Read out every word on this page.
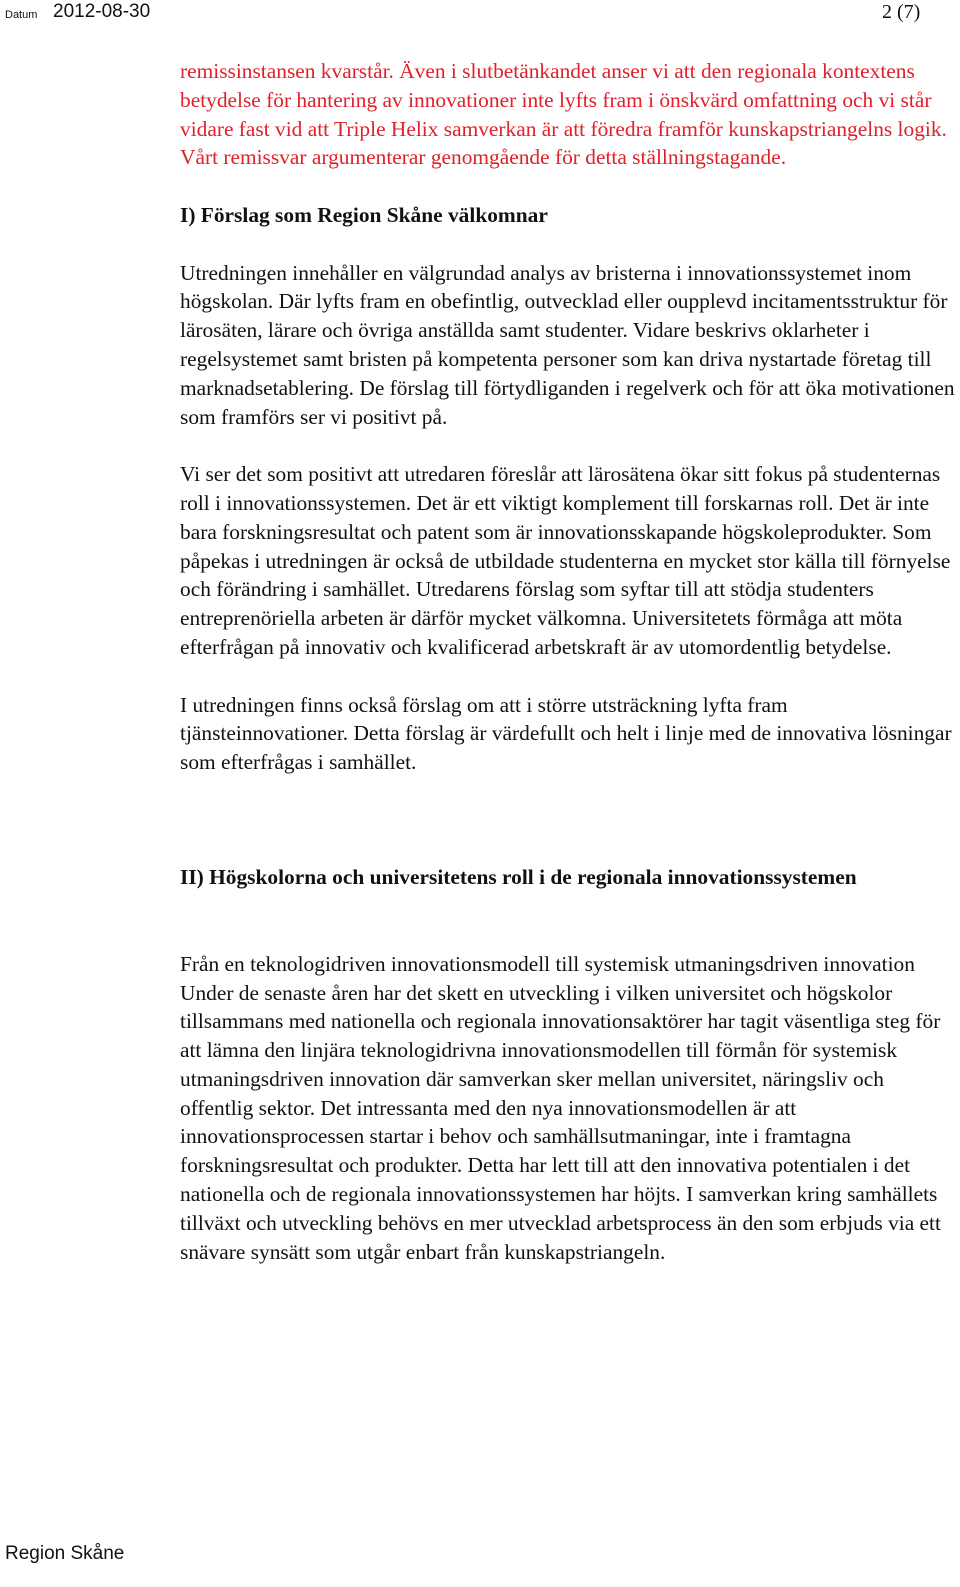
Datum 2012-08-30	2 (7)

remissinstansen kvarstår. Även i slutbetänkandet anser vi att den regionala kontextens betydelse för hantering av innovationer inte lyfts fram i önskvärd omfattning och vi står vidare fast vid att Triple Helix samverkan är att föredra framför kunskapstriangelns logik. Vårt remissvar argumenterar genomgående för detta ställningstagande.

I) Förslag som Region Skåne välkomnar

Utredningen innehåller en välgrundad analys av bristerna i innovationssystemet inom högskolan. Där lyfts fram en obefintlig, outvecklad eller oupplevd incitamentsstruktur för lärosäten, lärare och övriga anställda samt studenter. Vidare beskrivs oklarheter i regelsystemet samt bristen på kompetenta personer som kan driva nystartade företag till marknadsetablering. De förslag till förtydliganden i regelverk och för att öka motivationen som framförs ser vi positivt på.

Vi ser det som positivt att utredaren föreslår att lärosätena ökar sitt fokus på studenternas roll i innovationssystemen. Det är ett viktigt komplement till forskarnas roll. Det är inte bara forskningsresultat och patent som är innovationsskapande högskoleprodukter. Som påpekas i utredningen är också de utbildade studenterna en mycket stor källa till förnyelse och förändring i samhället. Utredarens förslag som syftar till att stödja studenters entreprenöriella arbeten är därför mycket välkomna. Universitetets förmåga att möta efterfrågan på innovativ och kvalificerad arbetskraft är av utomordentlig betydelse.

I utredningen finns också förslag om att i större utsträckning lyfta fram tjänsteinnovationer. Detta förslag är värdefullt och helt i linje med de innovativa lösningar som efterfrågas i samhället.

II) Högskolorna och universitetens roll i de regionala innovationssystemen

Från en teknologidriven innovationsmodell till systemisk utmaningsdriven innovation
Under de senaste åren har det skett en utveckling i vilken universitet och högskolor tillsammans med nationella och regionala innovationsaktörer har tagit väsentliga steg för att lämna den linjära teknologidrivna innovationsmodellen till förmån för systemisk utmaningsdriven innovation där samverkan sker mellan universitet, näringsliv och offentlig sektor. Det intressanta med den nya innovationsmodellen är att innovationsprocessen startar i behov och samhällsutmaningar, inte i framtagna forskningsresultat och produkter. Detta har lett till att den innovativa potentialen i det nationella och de regionala innovationssystemen har höjts. I samverkan kring samhällets tillväxt och utveckling behövs en mer utvecklad arbetsprocess än den som erbjuds via ett snävare synsätt som utgår enbart från kunskapstriangeln.
Region Skåne
